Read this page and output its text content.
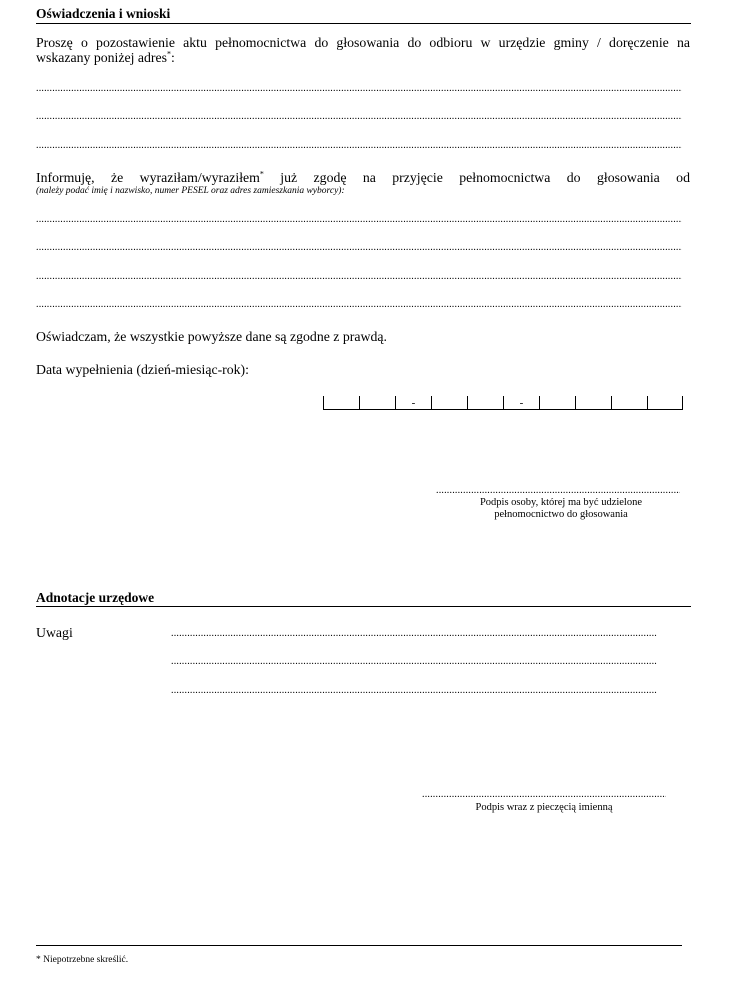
Oświadczenia i wnioski
Proszę o pozostawienie aktu pełnomocnictwa do głosowania do odbioru w urzędzie gminy / doręczenie na
wskazany poniżej adres*:
.....
.....
.....
Informuję, że wyraziłam/wyraziłem* już zgodę na przyjęcie pełnomocnictwa do głosowania od
(należy podać imię i nazwisko, numer PESEL oraz adres zamieszkania wyborcy):
.....
.....
.....
.....
Oświadczam, że wszystkie powyższe dane są zgodne z prawdą.
Data wypełnienia (dzień-miesiąc-rok):
-	-
.....
Podpis osoby, której ma być udzielone
pełnomocnictwo do głosowania
Adnotacje urzędowe
Uwagi
.....
.....
.....
.....
Podpis wraz z pieczęcią imienną
* Niepotrzebne skreślić.
